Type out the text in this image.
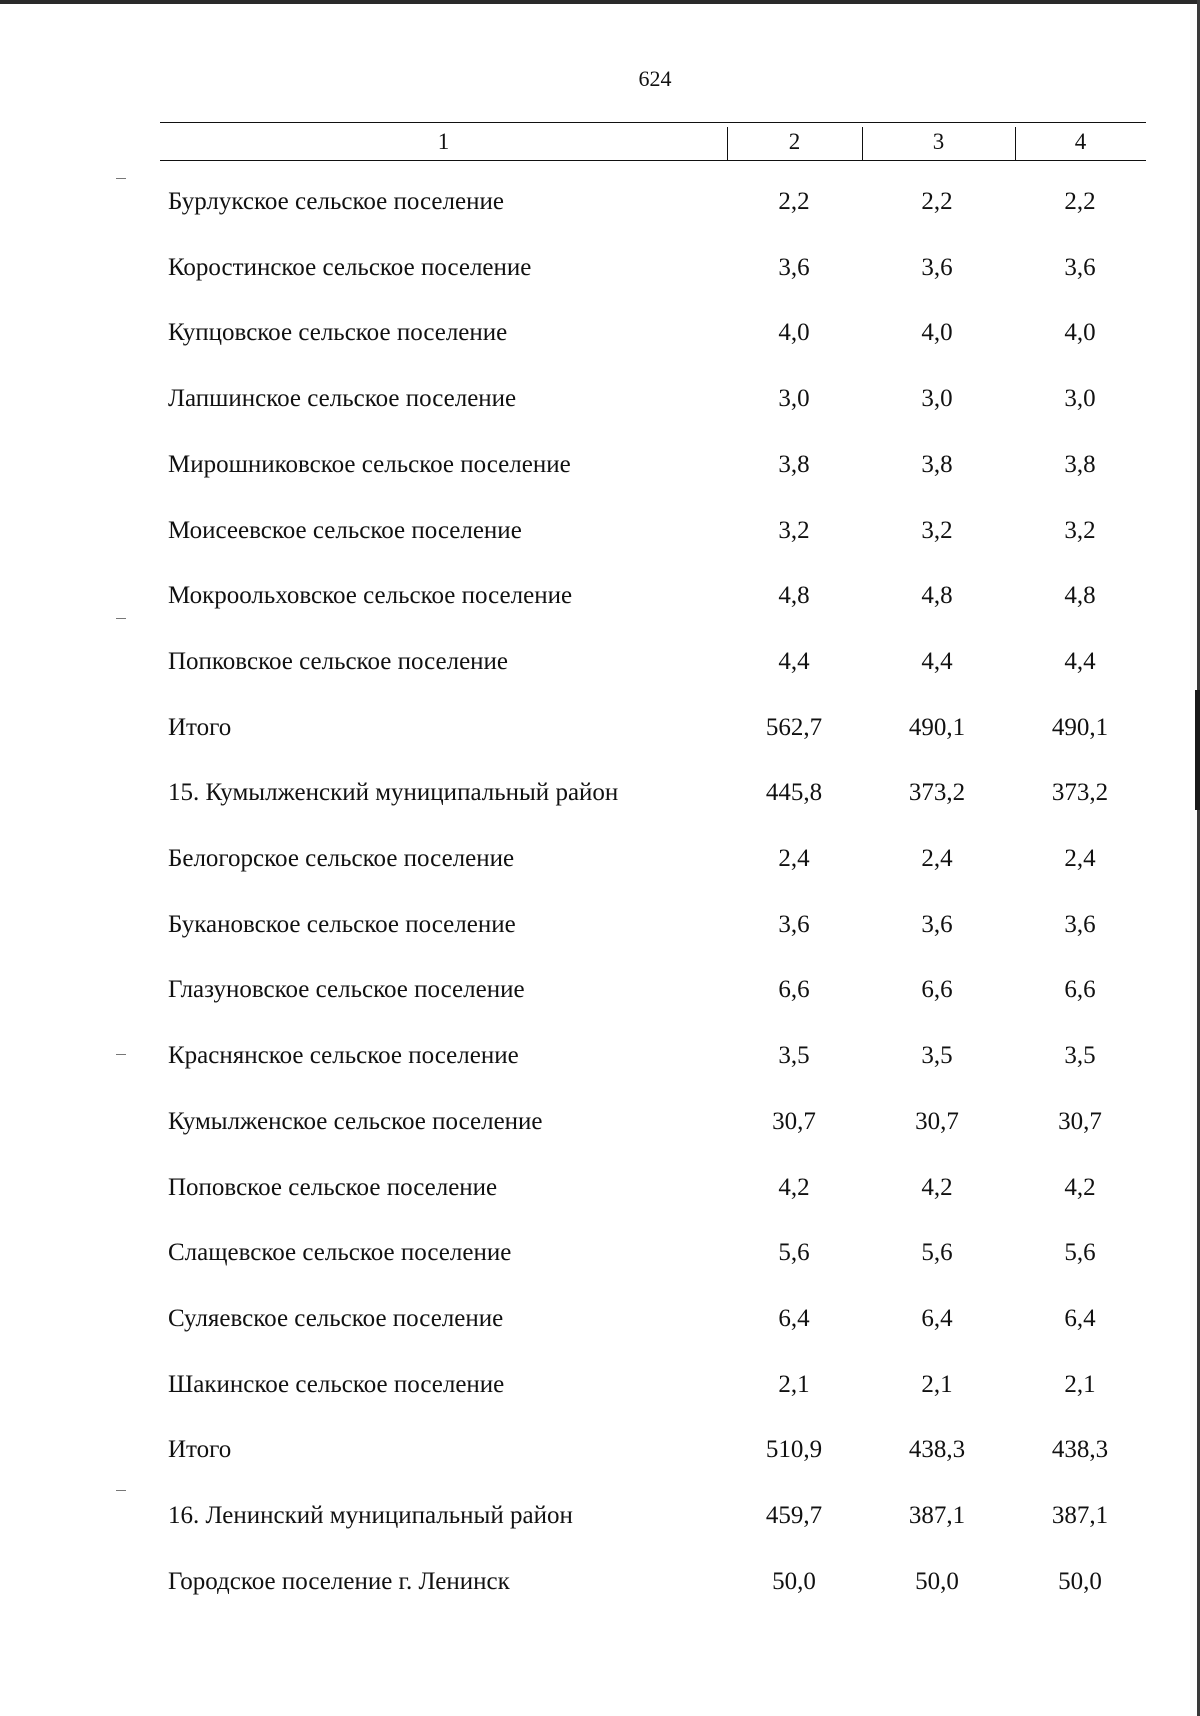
624
1	2	3	4
Бурлукское сельское поселение	2,2	2,2	2,2
Коростинское сельское поселение	3,6	3,6	3,6
Купцовское сельское поселение	4,0	4,0	4,0
Лапшинское сельское поселение	3,0	3,0	3,0
Мирошниковское сельское поселение	3,8	3,8	3,8
Моисеевское сельское поселение	3,2	3,2	3,2
Мокроольховское сельское поселение	4,8	4,8	4,8
Попковское сельское поселение	4,4	4,4	4,4
Итого	562,7	490,1	490,1
15. Кумылженский муниципальный район	445,8	373,2	373,2
Белогорское сельское поселение	2,4	2,4	2,4
Букановское сельское поселение	3,6	3,6	3,6
Глазуновское сельское поселение	6,6	6,6	6,6
Краснянское сельское поселение	3,5	3,5	3,5
Кумылженское сельское поселение	30,7	30,7	30,7
Поповское сельское поселение	4,2	4,2	4,2
Слащевское сельское поселение	5,6	5,6	5,6
Суляевское сельское поселение	6,4	6,4	6,4
Шакинское сельское поселение	2,1	2,1	2,1
Итого	510,9	438,3	438,3
16. Ленинский муниципальный район	459,7	387,1	387,1
Городское поселение г. Ленинск	50,0	50,0	50,0
